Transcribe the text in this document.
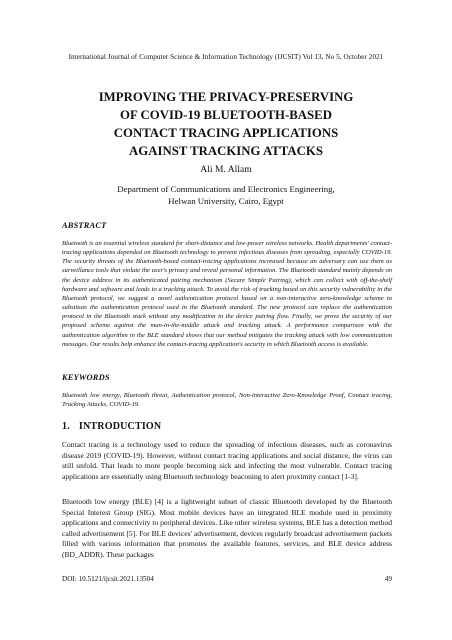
International Journal of Computer Science & Information Technology (IJCSIT) Vol 13, No 5, October 2021
IMPROVING THE PRIVACY-PRESERVING
OF COVID-19 BLUETOOTH-BASED
CONTACT TRACING APPLICATIONS
AGAINST TRACKING ATTACKS
Ali M. Allam
Department of Communications and Electronics Engineering,
Helwan University, Cairo, Egypt
ABSTRACT
Bluetooth is an essential wireless standard for short-distance and low-power wireless networks. Health departments' contact-tracing applications depended on Bluetooth technology to prevent infectious diseases from spreading, especially COVID-19. The security threats of the Bluetooth-based contact-tracing applications increased because an adversary can use them as surveillance tools that violate the user's privacy and reveal personal information. The Bluetooth standard mainly depends on the device address in its authenticated pairing mechanism (Secure Simple Pairing), which can collect with off-the-shelf hardware and software and leads to a tracking attack. To avoid the risk of tracking based on this security vulnerability in the Bluetooth protocol, we suggest a novel authentication protocol based on a non-interactive zero-knowledge scheme to substitute the authentication protocol used in the Bluetooth standard. The new protocol can replace the authentication protocol in the Bluetooth stack without any modification in the device pairing flow. Finally, we prove the security of our proposed scheme against the man-in-the-middle attack and tracking attack. A performance comparison with the authentication algorithm in the BLE standard shows that our method mitigates the tracking attack with low communication messages. Our results help enhance the contact-tracing application's security in which Bluetooth access is available.
KEYWORDS
Bluetooth low energy, Bluetooth threat, Authentication protocol, Non-interactive Zero-Knowledge Proof, Contact tracing, Tracking Attacks, COVID-19.
1. INTRODUCTION
Contact tracing is a technology used to reduce the spreading of infectious diseases, such as coronavirus disease 2019 (COVID-19). However, without contact tracing applications and social distance, the virus can still unfold. That leads to more people becoming sick and infecting the most vulnerable. Contact tracing applications are essentially using Bluetooth technology beaconing to alert proximity contact [1-3].
Bluetooth low energy (BLE) [4] is a lightweight subset of classic Bluetooth developed by the Bluetooth Special Interest Group (SIG). Most mobile devices have an integrated BLE module used in proximity applications and connectivity to peripheral devices. Like other wireless systems, BLE has a detection method called advertisement [5]. For BLE devices' advertisement, devices regularly broadcast advertisement packets filled with various information that promotes the available features, services, and BLE device address (BD_ADDR). These packages
DOI: 10.5121/ijcsit.2021.13504	49
